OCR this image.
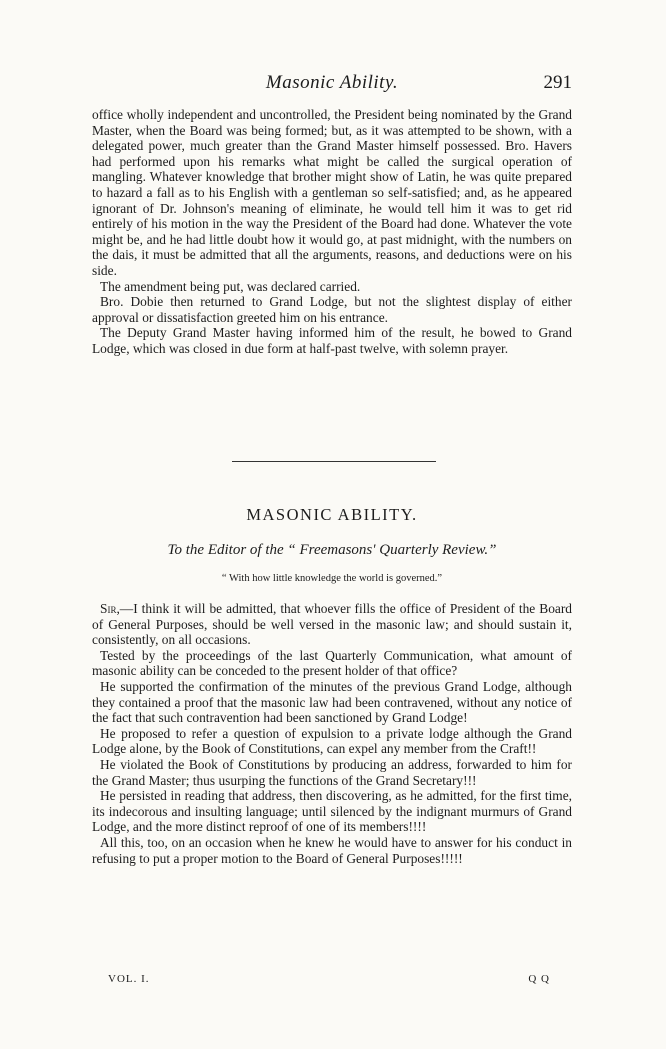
Masonic Ability.	291

office wholly independent and uncontrolled, the President being nominated by the Grand Master, when the Board was being formed; but, as it was attempted to be shown, with a delegated power, much greater than the Grand Master himself possessed. Bro. Havers had performed upon his remarks what might be called the surgical operation of mangling. Whatever knowledge that brother might show of Latin, he was quite prepared to hazard a fall as to his English with a gentleman so self-satisfied; and, as he appeared ignorant of Dr. Johnson's meaning of eliminate, he would tell him it was to get rid entirely of his motion in the way the President of the Board had done. Whatever the vote might be, and he had little doubt how it would go, at past midnight, with the numbers on the dais, it must be admitted that all the arguments, reasons, and deductions were on his side.

The amendment being put, was declared carried.

Bro. Dobie then returned to Grand Lodge, but not the slightest display of either approval or dissatisfaction greeted him on his entrance.

The Deputy Grand Master having informed him of the result, he bowed to Grand Lodge, which was closed in due form at half-past twelve, with solemn prayer.

MASONIC ABILITY.
To the Editor of the “ Freemasons' Quarterly Review.”
“ With how little knowledge the world is governed.”

Sir,—I think it will be admitted, that whoever fills the office of President of the Board of General Purposes, should be well versed in the masonic law; and should sustain it, consistently, on all occasions.

Tested by the proceedings of the last Quarterly Communication, what amount of masonic ability can be conceded to the present holder of that office?

He supported the confirmation of the minutes of the previous Grand Lodge, although they contained a proof that the masonic law had been contravened, without any notice of the fact that such contravention had been sanctioned by Grand Lodge!

He proposed to refer a question of expulsion to a private lodge although the Grand Lodge alone, by the Book of Constitutions, can expel any member from the Craft!!

He violated the Book of Constitutions by producing an address, forwarded to him for the Grand Master; thus usurping the functions of the Grand Secretary!!!

He persisted in reading that address, then discovering, as he admitted, for the first time, its indecorous and insulting language; until silenced by the indignant murmurs of Grand Lodge, and the more distinct reproof of one of its members!!!!

All this, too, on an occasion when he knew he would have to answer for his conduct in refusing to put a proper motion to the Board of General Purposes!!!!!

VOL. I.	Q Q
